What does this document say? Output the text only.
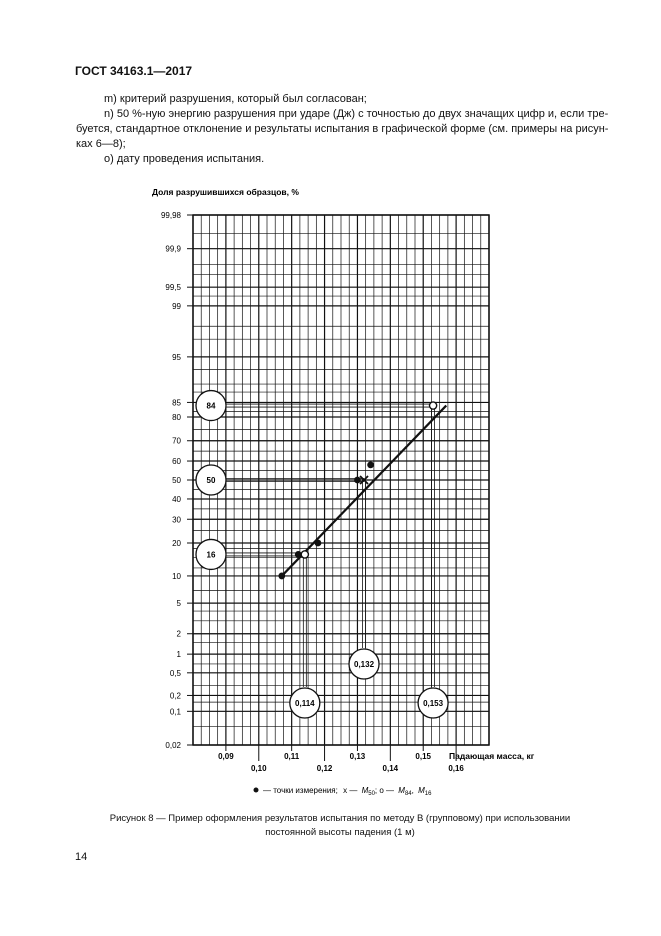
ГОСТ 34163.1—2017

m) критерий разрушения, который был согласован;

n) 50 %-ную энергию разрушения при ударе (Дж) с точностью до двух значащих цифр и, если тре-

буется, стандартное отклонение и результаты испытания в графической форме (см. примеры на рисун-

ках 6—8);

o) дату проведения испытания.

0,02
0,1
0,2
0,5
1
2
5
10
20
30
40
50
60
70
80
85
95
99
99,5
99,9
99,98
Доля разрушившихся образцов, %
Падающая масса, кг
0,09	0,11	0,13	0,15
0,10	0,12	0,14	0,16
50
0,132
84
0,153
16
0,114
— точки измерения; x — $M_{50}$; o — $M_{84}$, $M_{16}$
Рисунок 8 — Пример оформления результатов испытания по методу В (групповому) при использовании
постоянной высоты падения (1 м)
14
